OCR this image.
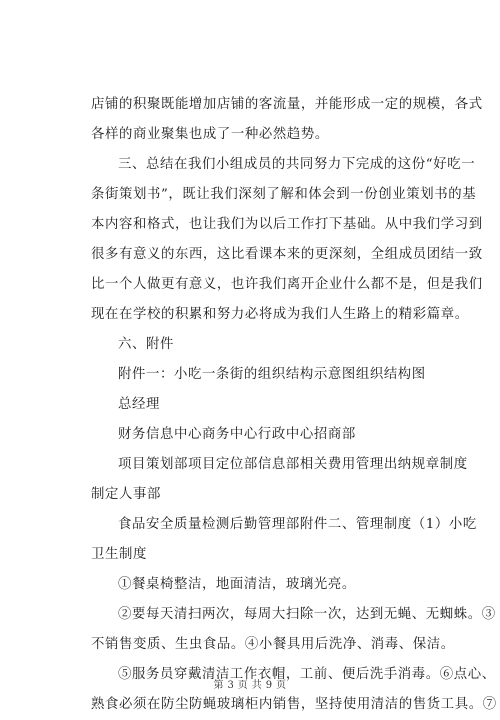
店铺的积聚既能增加店铺的客流量，并能形成一定的规模，各式
各样的商业聚集也成了一种必然趋势。
三、总结在我们小组成员的共同努力下完成的这份“好吃一
条街策划书”，既让我们深刻了解和体会到一份创业策划书的基
本内容和格式，也让我们为以后工作打下基础。从中我们学习到
很多有意义的东西，这比看课本来的更深刻，全组成员团结一致
比一个人做更有意义，也许我们离开企业什么都不是，但是我们
现在在学校的积累和努力必将成为我们人生路上的精彩篇章。
六、附件
附件一：小吃一条街的组织结构示意图组织结构图
总经理
财务信息中心商务中心行政中心招商部
项目策划部项目定位部信息部相关费用管理出纳规章制度
制定人事部
食品安全质量检测后勤管理部附件二、管理制度（1）小吃
卫生制度
①餐桌椅整洁，地面清洁，玻璃光亮。
②要每天清扫两次，每周大扫除一次，达到无蝇、无蜘蛛。③
不销售变质、生虫食品。④小餐具用后洗净、消毒、保洁。
⑤服务员穿戴清洁工作衣帽，工前、便后洗手消毒。⑥点心、
熟食必须在防尘防蝇玻璃柜内销售，坚持使用清洁的售货工具。⑦
第 3 页 共 9 页
